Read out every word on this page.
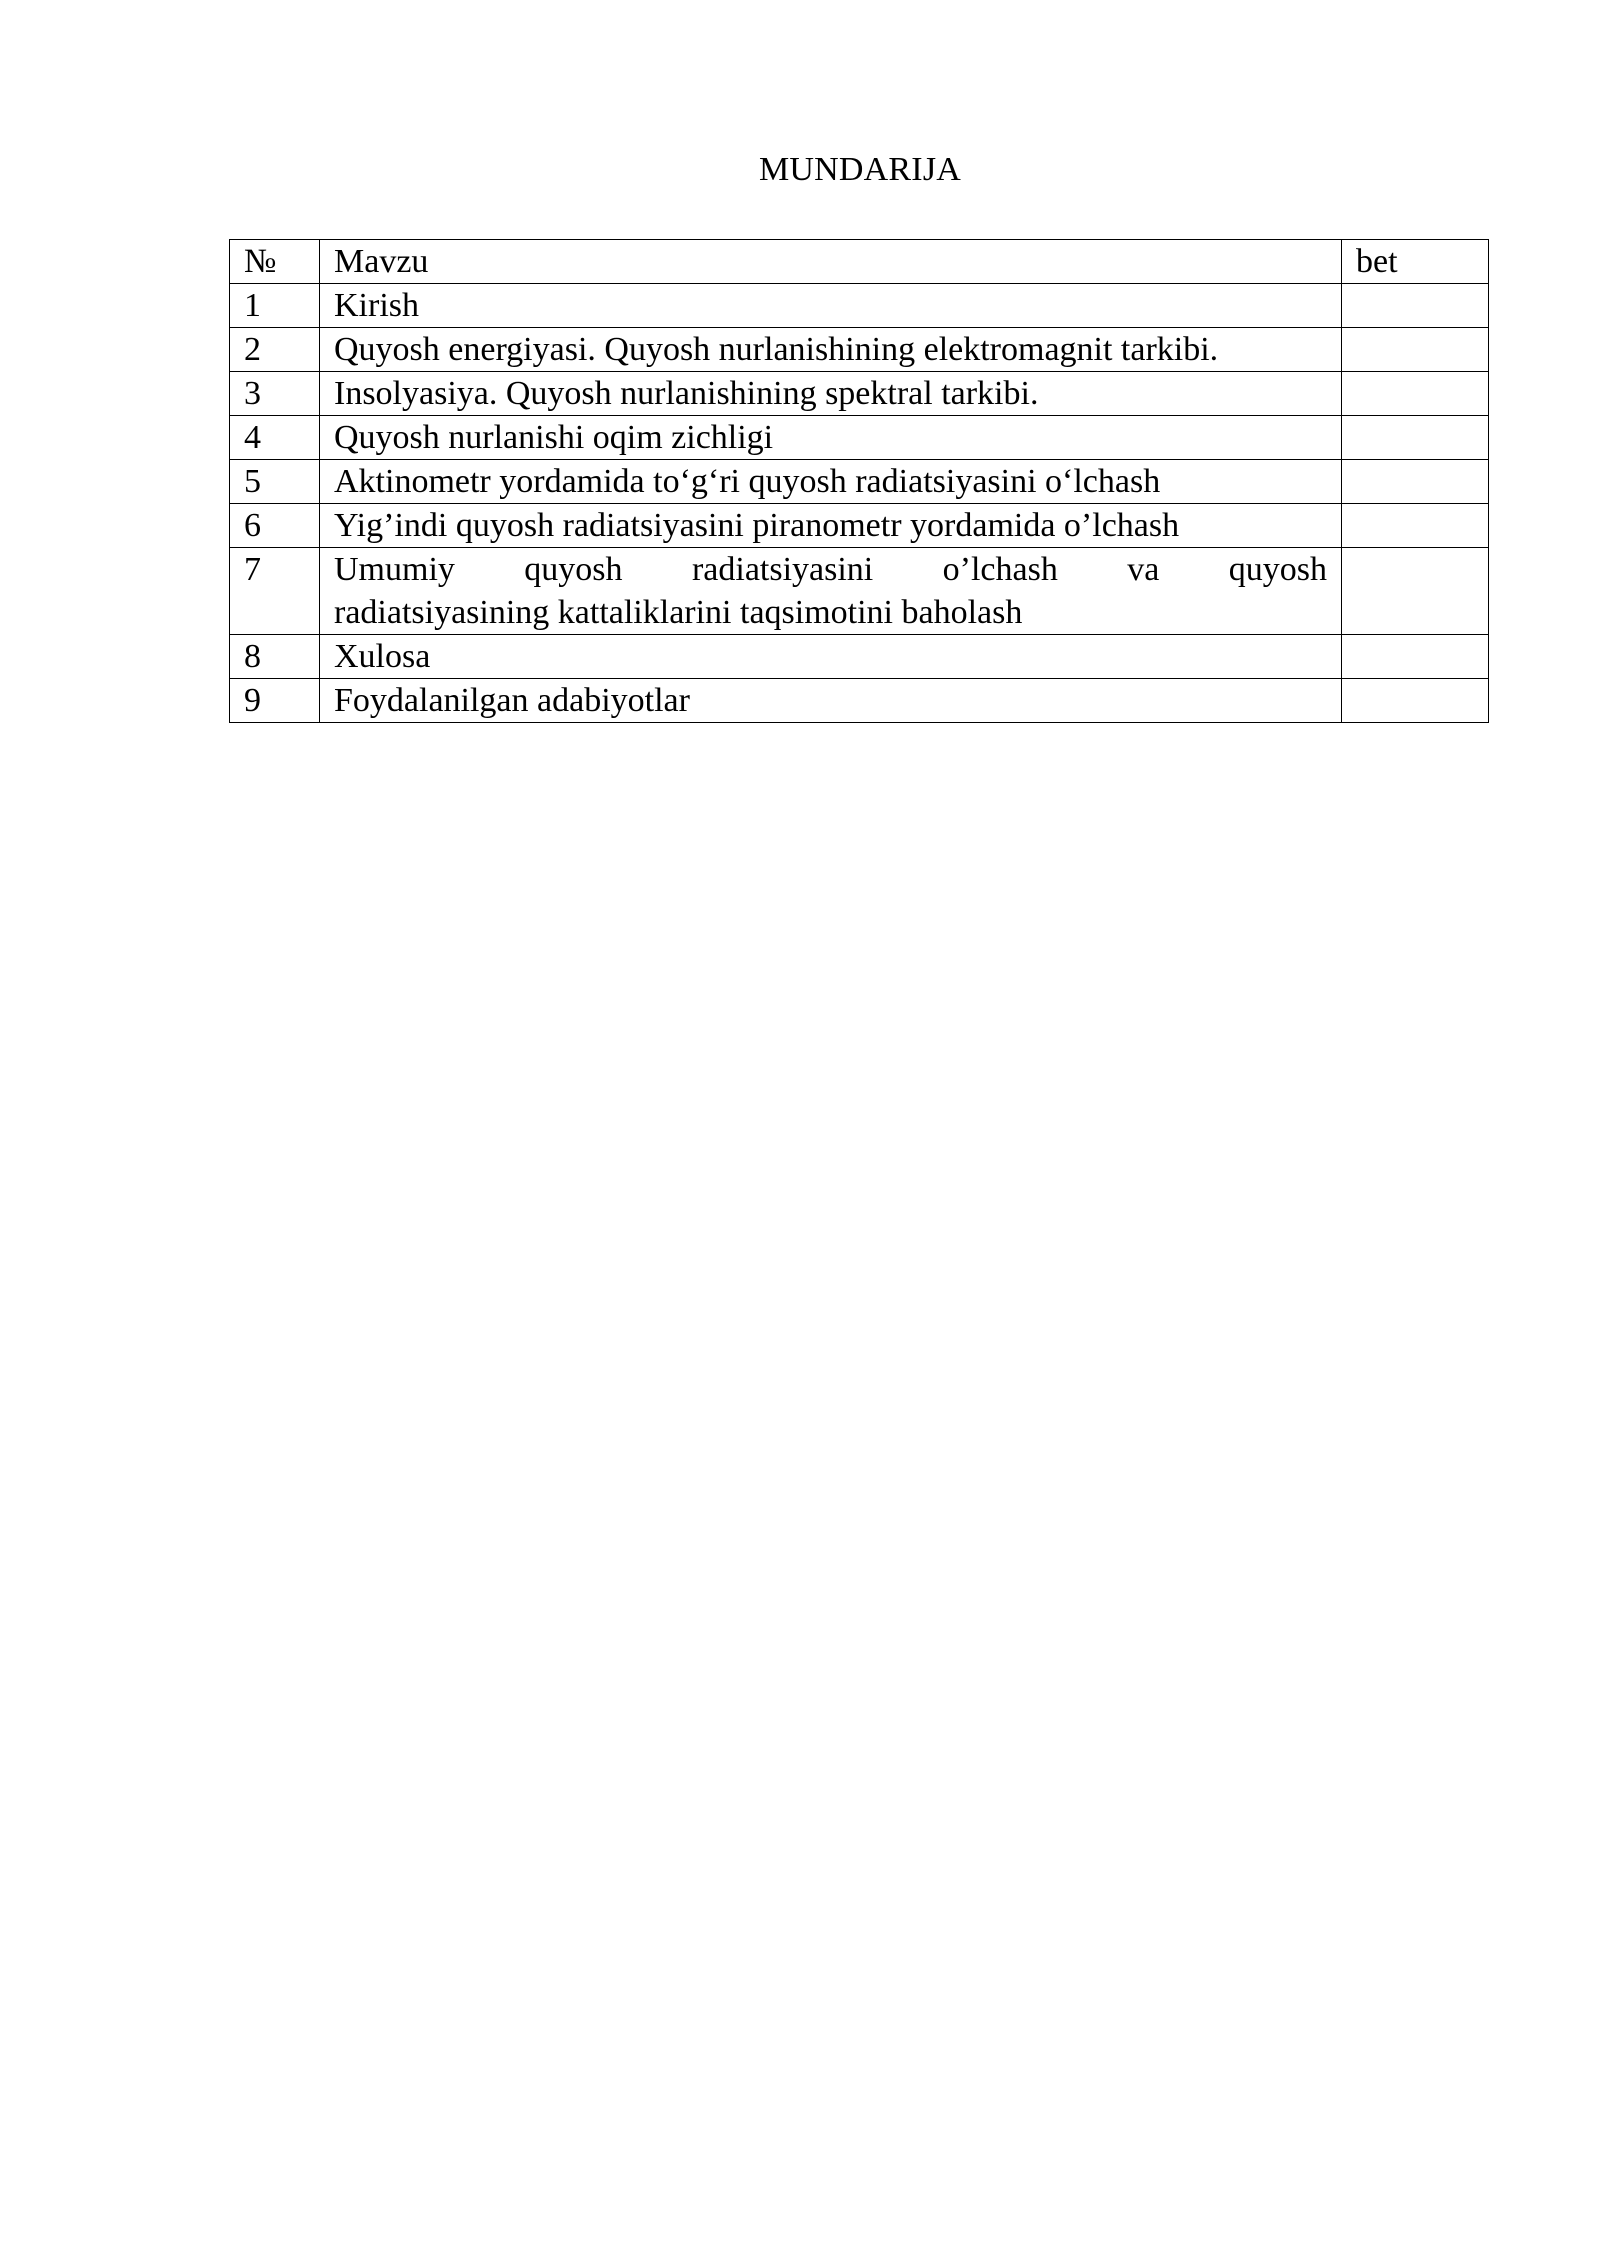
MUNDARIJA
№	Mavzu	bet
1	Kirish	
2	Quyosh energiyasi. Quyosh nurlanishining elektromagnit tarkibi.	
3	Insolyasiya. Quyosh nurlanishining spektral tarkibi.	
4	Quyosh nurlanishi oqim zichligi	
5	Aktinometr yordamida to‘g‘ri quyosh radiatsiyasini o‘lchash	
6	Yig’indi quyosh radiatsiyasini piranometr yordamida o’lchash	
7	Umumiy quyosh radiatsiyasini o’lchash va quyosh
radiatsiyasining kattaliklarini taqsimotini baholash	

8	Xulosa	
9	Foydalanilgan adabiyotlar	
